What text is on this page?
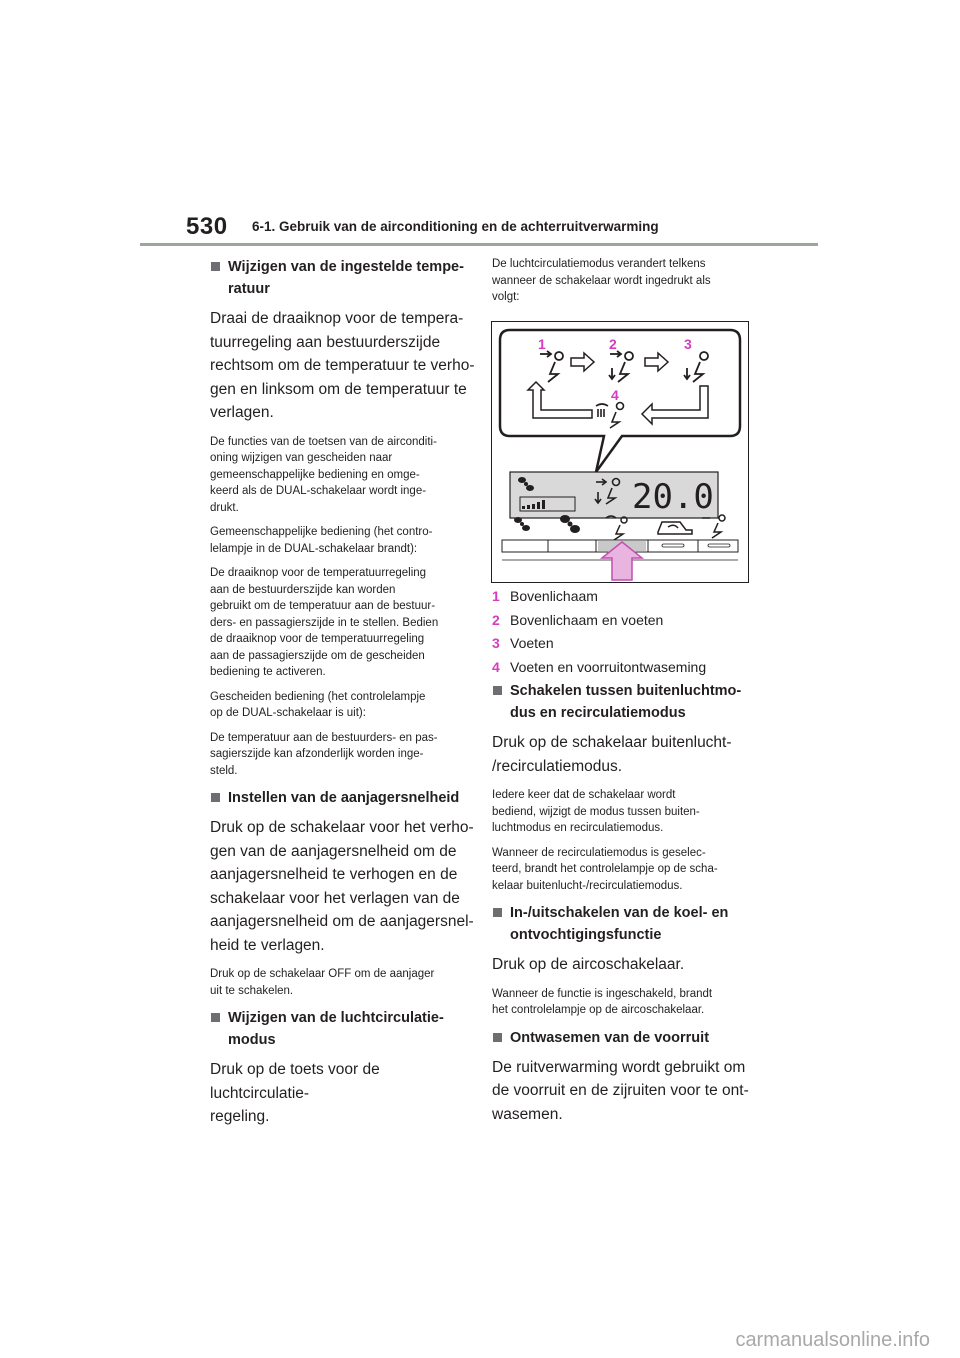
530 6-1. Gebruik van de airconditioning en de achterruitverwarming
Wijzigen van de ingestelde tempe-
ratuur
Draai de draaiknop voor de tempera-
tuurregeling aan bestuurderszijde
rechtsom om de temperatuur te verho-
gen en linksom om de temperatuur te
verlagen.
De functies van de toetsen van de airconditi-
oning wijzigen van gescheiden naar
gemeenschappelijke bediening en omge-
keerd als de DUAL-schakelaar wordt inge-
drukt.
Gemeenschappelijke bediening (het contro-
lelampje in de DUAL-schakelaar brandt):
De draaiknop voor de temperatuurregeling
aan de bestuurderszijde kan worden
gebruikt om de temperatuur aan de bestuur-
ders- en passagierszijde in te stellen. Bedien
de draaiknop voor de temperatuurregeling
aan de passagierszijde om de gescheiden
bediening te activeren.
Gescheiden bediening (het controlelampje
op de DUAL-schakelaar is uit):
De temperatuur aan de bestuurders- en pas-
sagierszijde kan afzonderlijk worden inge-
steld.
Instellen van de aanjagersnelheid
Druk op de schakelaar voor het verho-
gen van de aanjagersnelheid om de
aanjagersnelheid te verhogen en de
schakelaar voor het verlagen van de
aanjagersnelheid om de aanjagersnel-
heid te verlagen.
Druk op de schakelaar OFF om de aanjager
uit te schakelen.
Wijzigen van de luchtcirculatie-
modus
Druk op de toets voor de luchtcirculatie-
regeling.
De luchtcirculatiemodus verandert telkens
wanneer de schakelaar wordt ingedrukt als
volgt:
1	2	3
4
20.0
1 Bovenlichaam
2 Bovenlichaam en voeten
3 Voeten
4 Voeten en voorruitontwaseming
Schakelen tussen buitenluchtmo-
dus en recirculatiemodus
Druk op de schakelaar buitenlucht-
/recirculatiemodus.
Iedere keer dat de schakelaar wordt
bediend, wijzigt de modus tussen buiten-
luchtmodus en recirculatiemodus.
Wanneer de recirculatiemodus is geselec-
teerd, brandt het controlelampje op de scha-
kelaar buitenlucht-/recirculatiemodus.
In-/uitschakelen van de koel- en
ontvochtigingsfunctie
Druk op de aircoschakelaar.
Wanneer de functie is ingeschakeld, brandt
het controlelampje op de aircoschakelaar.
Ontwasemen van de voorruit
De ruitverwarming wordt gebruikt om
de voorruit en de zijruiten voor te ont-
wasemen.
carmanualsonline.info
